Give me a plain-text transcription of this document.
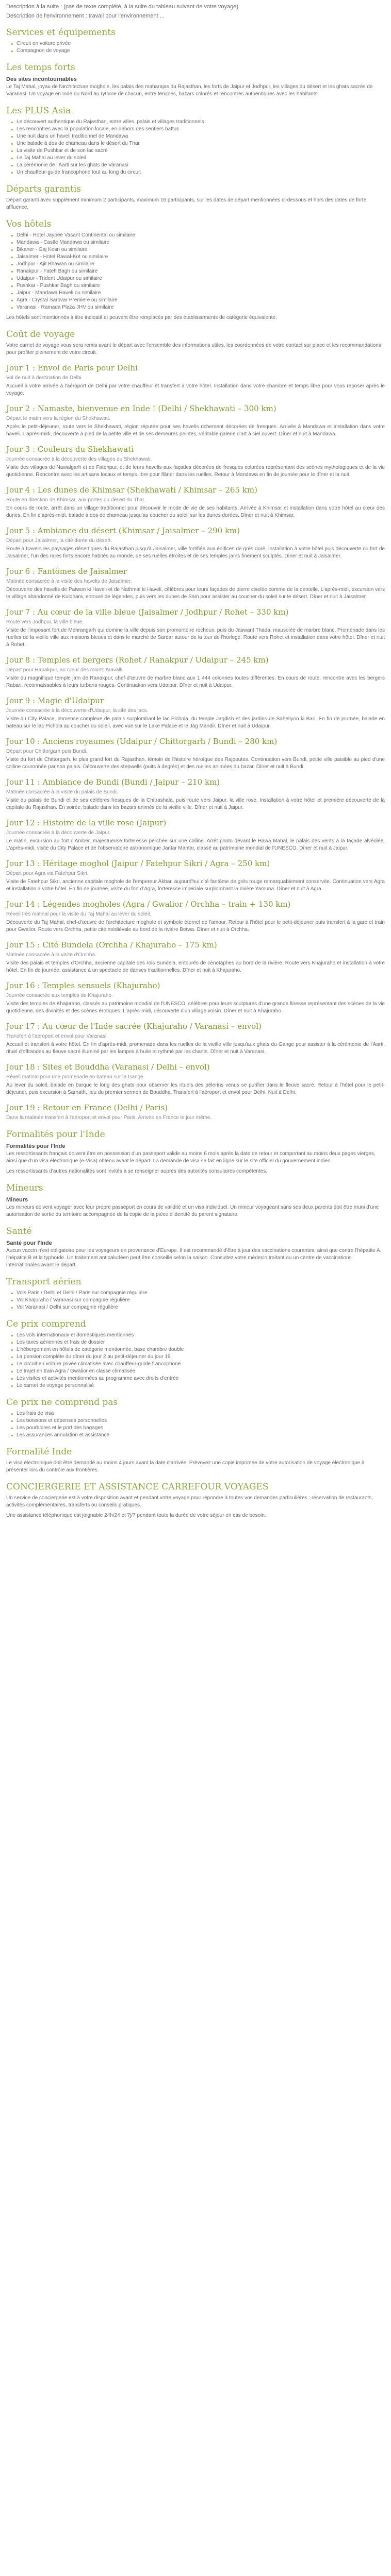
Description à la suite : (pas de texte complété, à la suite du tableau suivant de votre voyage)

Description de l'environnement : travail pour l'environnement ...

Services et équipements
Circuit en voiture privée
Compagnon de voyage
Les temps forts
Des sites incontournables

Le Taj Mahal, joyau de l'architecture moghole, les palais des maharajas du Rajasthan, les forts de Jaipur et Jodhpur, les villages du désert et les ghats sacrés de Varanasi. Un voyage en Inde du Nord au rythme de chacun, entre temples, bazars colorés et rencontres authentiques avec les habitants.

Les PLUS Asia
Le découvert authentique du Rajasthan, entre villes, palais et villages traditionnels
Les rencontres avec la population locale, en dehors des sentiers battus
Une nuit dans un haveli traditionnel de Mandawa
Une balade à dos de chameau dans le désert du Thar
La visite de Pushkar et de son lac sacré
Le Taj Mahal au lever du soleil
La cérémonie de l'Aarti sur les ghats de Varanasi
Un chauffeur-guide francophone tout au long du circuit
Départs garantis

Départ garanti avec supplément minimum 2 participants, maximum 16 participants, sur les dates de départ mentionnées ci-dessous et hors des dates de forte affluence.

Vos hôtels
Delhi - Hotel Jaypee Vasant Continental ou similaire
Mandawa - Castle Mandawa ou similaire
Bikaner - Gaj Kesri ou similaire
Jaisalmer - Hotel Rawal-Kot ou similaire
Jodhpur - Ajit Bhawan ou similaire
Ranakpur - Fateh Bagh ou similaire
Udaipur - Trident Udaipur ou similaire
Pushkar - Pushkar Bagh ou similaire
Jaipur - Mandawa Haveli ou similaire
Agra - Crystal Sarovar Premiere ou similaire
Varanasi - Ramada Plaza JHV ou similaire

Les hôtels sont mentionnés à titre indicatif et peuvent être remplacés par des établissements de catégorie équivalente.

Coût de voyage

Votre carnet de voyage vous sera remis avant le départ avec l'ensemble des informations utiles, les coordonnées de votre contact sur place et les recommandations pour profiter pleinement de votre circuit.

Jour 1 : Envol de Paris pour Delhi

Vol de nuit à destination de Delhi.

Accueil à votre arrivée à l'aéroport de Delhi par votre chauffeur et transfert à votre hôtel. Installation dans votre chambre et temps libre pour vous reposer après le voyage.

Jour 2 : Namaste, bienvenue en Inde ! (Delhi / Shekhawati – 300 km)

Départ le matin vers la région du Shekhawati.

Après le petit-déjeuner, route vers le Shekhawati, région réputée pour ses havelis richement décorées de fresques. Arrivée à Mandawa et installation dans votre haveli. L'après-midi, découverte à pied de la petite ville et de ses demeures peintes, véritable galerie d'art à ciel ouvert. Dîner et nuit à Mandawa.

Jour 3 : Couleurs du Shekhawati

Journée consacrée à la découverte des villages du Shekhawati.

Visite des villages de Nawalgarh et de Fatehpur, et de leurs havelis aux façades décorées de fresques colorées représentant des scènes mythologiques et de la vie quotidienne. Rencontre avec les artisans locaux et temps libre pour flâner dans les ruelles. Retour à Mandawa en fin de journée pour le dîner et la nuit.

Jour 4 : Les dunes de Khimsar (Shekhawati / Khimsar – 265 km)

Route en direction de Khimsar, aux portes du désert du Thar.

En cours de route, arrêt dans un village traditionnel pour découvrir le mode de vie de ses habitants. Arrivée à Khimsar et installation dans votre hôtel au cœur des dunes. En fin d'après-midi, balade à dos de chameau jusqu'au coucher du soleil sur les dunes dorées. Dîner et nuit à Khimsar.

Jour 5 : Ambiance du désert (Khimsar / Jaisalmer – 290 km)

Départ pour Jaisalmer, la cité dorée du désert.

Route à travers les paysages désertiques du Rajasthan jusqu'à Jaisalmer, ville fortifiée aux édifices de grès doré. Installation à votre hôtel puis découverte du fort de Jaisalmer, l'un des rares forts encore habités au monde, de ses ruelles étroites et de ses temples jaïns finement sculptés. Dîner et nuit à Jaisalmer.

Jour 6 : Fantômes de Jaisalmer

Matinée consacrée à la visite des havelis de Jaisalmer.

Découverte des havelis de Patwon ki Haveli et de Nathmal ki Haveli, célèbres pour leurs façades de pierre ciselée comme de la dentelle. L'après-midi, excursion vers le village abandonné de Kuldhara, entouré de légendes, puis vers les dunes de Sam pour assister au coucher du soleil sur le désert. Dîner et nuit à Jaisalmer.

Jour 7 : Au cœur de la ville bleue (Jaisalmer / Jodhpur / Rohet – 330 km)

Route vers Jodhpur, la ville bleue.

Visite de l'imposant fort de Mehrangarh qui domine la ville depuis son promontoire rocheux, puis du Jaswant Thada, mausolée de marbre blanc. Promenade dans les ruelles de la vieille ville aux maisons bleues et dans le marché de Sardar autour de la tour de l'horloge. Route vers Rohet et installation dans votre hôtel. Dîner et nuit à Rohet.

Jour 8 : Temples et bergers (Rohet / Ranakpur / Udaipur – 245 km)

Départ pour Ranakpur, au cœur des monts Aravalli.

Visite du magnifique temple jaïn de Ranakpur, chef-d'œuvre de marbre blanc aux 1 444 colonnes toutes différentes. En cours de route, rencontre avec les bergers Rabari, reconnaissables à leurs turbans rouges. Continuation vers Udaipur. Dîner et nuit à Udaipur.

Jour 9 : Magie d'Udaipur

Journée consacrée à la découverte d'Udaipur, la cité des lacs.

Visite du City Palace, immense complexe de palais surplombant le lac Pichola, du temple Jagdish et des jardins de Saheliyon ki Bari. En fin de journée, balade en bateau sur le lac Pichola au coucher du soleil, avec vue sur le Lake Palace et le Jag Mandir. Dîner et nuit à Udaipur.

Jour 10 : Anciens royaumes (Udaipur / Chittorgarh / Bundi – 280 km)

Départ pour Chittorgarh puis Bundi.

Visite du fort de Chittorgarh, le plus grand fort du Rajasthan, témoin de l'histoire héroïque des Rajpoutes. Continuation vers Bundi, petite ville paisible au pied d'une colline couronnée par son palais. Découverte des stepwells (puits à degrés) et des ruelles animées du bazar. Dîner et nuit à Bundi.

Jour 11 : Ambiance de Bundi (Bundi / Jaipur – 210 km)

Matinée consacrée à la visite du palais de Bundi.

Visite du palais de Bundi et de ses célèbres fresques de la Chitrashala, puis route vers Jaipur, la ville rose. Installation à votre hôtel et première découverte de la capitale du Rajasthan. En soirée, balade dans les bazars animés de la vieille ville. Dîner et nuit à Jaipur.

Jour 12 : Histoire de la ville rose (Jaipur)

Journée consacrée à la découverte de Jaipur.

Le matin, excursion au fort d'Amber, majestueuse forteresse perchée sur une colline. Arrêt photo devant le Hawa Mahal, le palais des vents à la façade alvéolée. L'après-midi, visite du City Palace et de l'observatoire astronomique Jantar Mantar, classé au patrimoine mondial de l'UNESCO. Dîner et nuit à Jaipur.

Jour 13 : Héritage moghol (Jaipur / Fatehpur Sikri / Agra – 250 km)

Départ pour Agra via Fatehpur Sikri.

Visite de Fatehpur Sikri, ancienne capitale moghole de l'empereur Akbar, aujourd'hui cité fantôme de grès rouge remarquablement conservée. Continuation vers Agra et installation à votre hôtel. En fin de journée, visite du fort d'Agra, forteresse impériale surplombant la rivière Yamuna. Dîner et nuit à Agra.

Jour 14 : Légendes mogholes (Agra / Gwalior / Orchha – train + 130 km)

Réveil très matinal pour la visite du Taj Mahal au lever du soleil.

Découverte du Taj Mahal, chef-d'œuvre de l'architecture moghole et symbole éternel de l'amour. Retour à l'hôtel pour le petit-déjeuner puis transfert à la gare et train pour Gwalior. Route vers Orchha, petite cité médiévale au bord de la rivière Betwa. Dîner et nuit à Orchha.

Jour 15 : Cité Bundela (Orchha / Khajuraho – 175 km)

Matinée consacrée à la visite d'Orchha.

Visite des palais et temples d'Orchha, ancienne capitale des rois Bundela, entourés de cénotaphes au bord de la rivière. Route vers Khajuraho et installation à votre hôtel. En fin de journée, assistance à un spectacle de danses traditionnelles. Dîner et nuit à Khajuraho.

Jour 16 : Temples sensuels (Khajuraho)

Journée consacrée aux temples de Khajuraho.

Visite des temples de Khajuraho, classés au patrimoine mondial de l'UNESCO, célèbres pour leurs sculptures d'une grande finesse représentant des scènes de la vie quotidienne, des divinités et des scènes érotiques. L'après-midi, découverte d'un village voisin. Dîner et nuit à Khajuraho.

Jour 17 : Au cœur de l'Inde sacrée (Khajuraho / Varanasi – envol)

Transfert à l'aéroport et envol pour Varanasi.

Accueil et transfert à votre hôtel. En fin d'après-midi, promenade dans les ruelles de la vieille ville jusqu'aux ghats du Gange pour assister à la cérémonie de l'Aarti, rituel d'offrandes au fleuve sacré illuminé par les lampes à huile et rythmé par les chants. Dîner et nuit à Varanasi.

Jour 18 : Sites et Bouddha (Varanasi / Delhi – envol)

Réveil matinal pour une promenade en bateau sur le Gange.

Au lever du soleil, balade en barque le long des ghats pour observer les rituels des pèlerins venus se purifier dans le fleuve sacré. Retour à l'hôtel pour le petit-déjeuner, puis excursion à Sarnath, lieu du premier sermon de Bouddha. Transfert à l'aéroport et envol pour Delhi. Nuit à Delhi.

Jour 19 : Retour en France (Delhi / Paris)

Dans la matinée transfert à l'aéroport et envol pour Paris. Arrivée en France le jour même.

Formalités pour l'Inde
Formalités pour l'Inde

Les ressortissants français doivent être en possession d'un passeport valide au moins 6 mois après la date de retour et comportant au moins deux pages vierges, ainsi que d'un visa électronique (e-Visa) obtenu avant le départ. La demande de visa se fait en ligne sur le site officiel du gouvernement indien.

Les ressortissants d'autres nationalités sont invités à se renseigner auprès des autorités consulaires compétentes.

Mineurs
Mineurs

Les mineurs doivent voyager avec leur propre passeport en cours de validité et un visa individuel. Un mineur voyageant sans ses deux parents doit être muni d'une autorisation de sortie du territoire accompagnée de la copie de la pièce d'identité du parent signataire.

Santé
Santé pour l'Inde

Aucun vaccin n'est obligatoire pour les voyageurs en provenance d'Europe. Il est recommandé d'être à jour des vaccinations courantes, ainsi que contre l'hépatite A, l'hépatite B et la typhoïde. Un traitement antipaludéen peut être conseillé selon la saison. Consultez votre médecin traitant ou un centre de vaccinations internationales avant le départ.

Transport aérien
Vols Paris / Delhi et Delhi / Paris sur compagnie régulière
Vol Khajuraho / Varanasi sur compagnie régulière
Vol Varanasi / Delhi sur compagnie régulière
Ce prix comprend
Les vols internationaux et domestiques mentionnés
Les taxes aériennes et frais de dossier
L'hébergement en hôtels de catégorie mentionnée, base chambre double
La pension complète du dîner du jour 2 au petit-déjeuner du jour 19
Le circuit en voiture privée climatisée avec chauffeur-guide francophone
Le trajet en train Agra / Gwalior en classe climatisée
Les visites et activités mentionnées au programme avec droits d'entrée
Le carnet de voyage personnalisé
Ce prix ne comprend pas
Les frais de visa
Les boissons et dépenses personnelles
Les pourboires et le port des bagages
Les assurances annulation et assistance
Formalité Inde

Le visa électronique doit être demandé au moins 4 jours avant la date d'arrivée. Prévoyez une copie imprimée de votre autorisation de voyage électronique à présenter lors du contrôle aux frontières.

CONCIERGERIE ET ASSISTANCE CARREFOUR VOYAGES

Un service de conciergerie est à votre disposition avant et pendant votre voyage pour répondre à toutes vos demandes particulières : réservation de restaurants, activités complémentaires, transferts ou conseils pratiques.

Une assistance téléphonique est joignable 24h/24 et 7j/7 pendant toute la durée de votre séjour en cas de besoin.
